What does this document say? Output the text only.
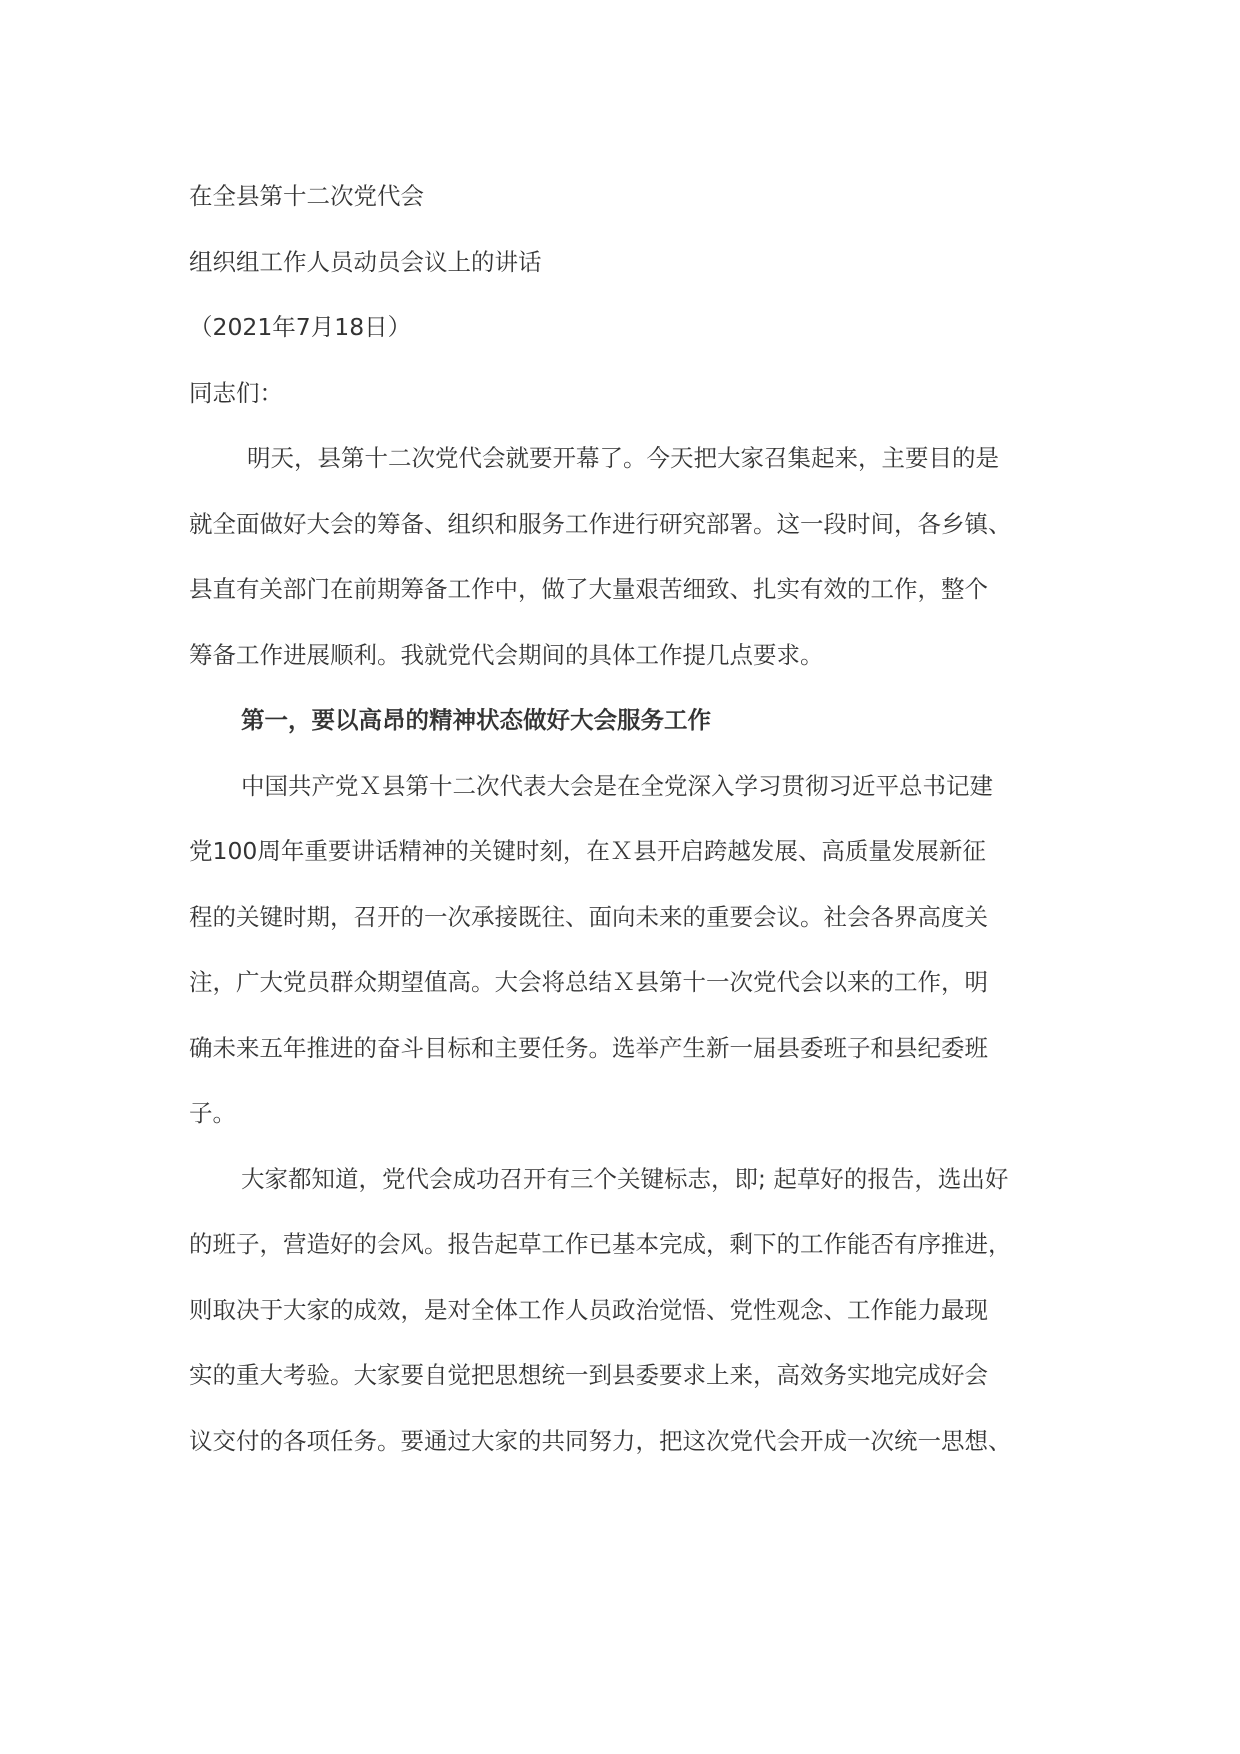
在全县第十二次党代会
组织组工作人员动员会议上的讲话
（2021年7月18日）
同志们：
明天，县第十二次党代会就要开幕了。今天把大家召集起来，主要目的是
就全面做好大会的筹备、组织和服务工作进行研究部署。这一段时间，各乡镇、
县直有关部门在前期筹备工作中，做了大量艰苦细致、扎实有效的工作，整个
筹备工作进展顺利。我就党代会期间的具体工作提几点要求。
第一，要以高昂的精神状态做好大会服务工作
中国共产党Ｘ县第十二次代表大会是在全党深入学习贯彻习近平总书记建
党100周年重要讲话精神的关键时刻，在Ｘ县开启跨越发展、高质量发展新征
程的关键时期，召开的一次承接既往、面向未来的重要会议。社会各界高度关
注，广大党员群众期望值高。大会将总结Ｘ县第十一次党代会以来的工作，明
确未来五年推进的奋斗目标和主要任务。选举产生新一届县委班子和县纪委班
子。
大家都知道，党代会成功召开有三个关键标志，即; 起草好的报告，选出好
的班子，营造好的会风。报告起草工作已基本完成，剩下的工作能否有序推进，
则取决于大家的成效，是对全体工作人员政治觉悟、党性观念、工作能力最现
实的重大考验。大家要自觉把思想统一到县委要求上来，高效务实地完成好会
议交付的各项任务。要通过大家的共同努力，把这次党代会开成一次统一思想、
